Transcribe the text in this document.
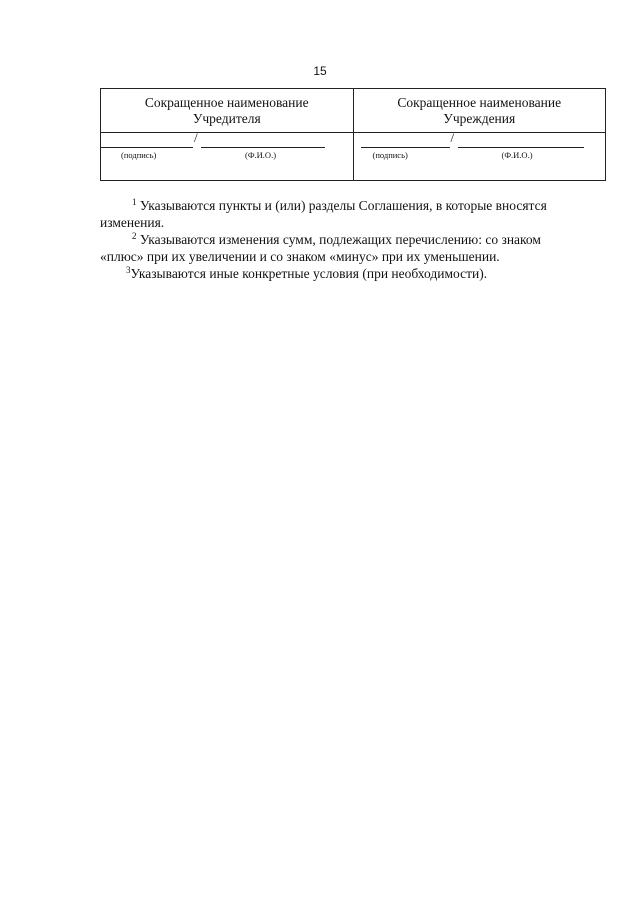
15
Сокращенное наименование
Учредителя
/
(подпись)	(Ф.И.О.)
Сокращенное наименование
Учреждения
/
(подпись)	(Ф.И.О.)

$^1$ Указываются пункты и (или) разделы Соглашения, в которые вносятся

изменения.

$^2$ Указываются изменения сумм, подлежащих перечислению: со знаком

«плюс» при их увеличении и со знаком «минус» при их уменьшении.

$^3$Указываются иные конкретные условия (при необходимости).
